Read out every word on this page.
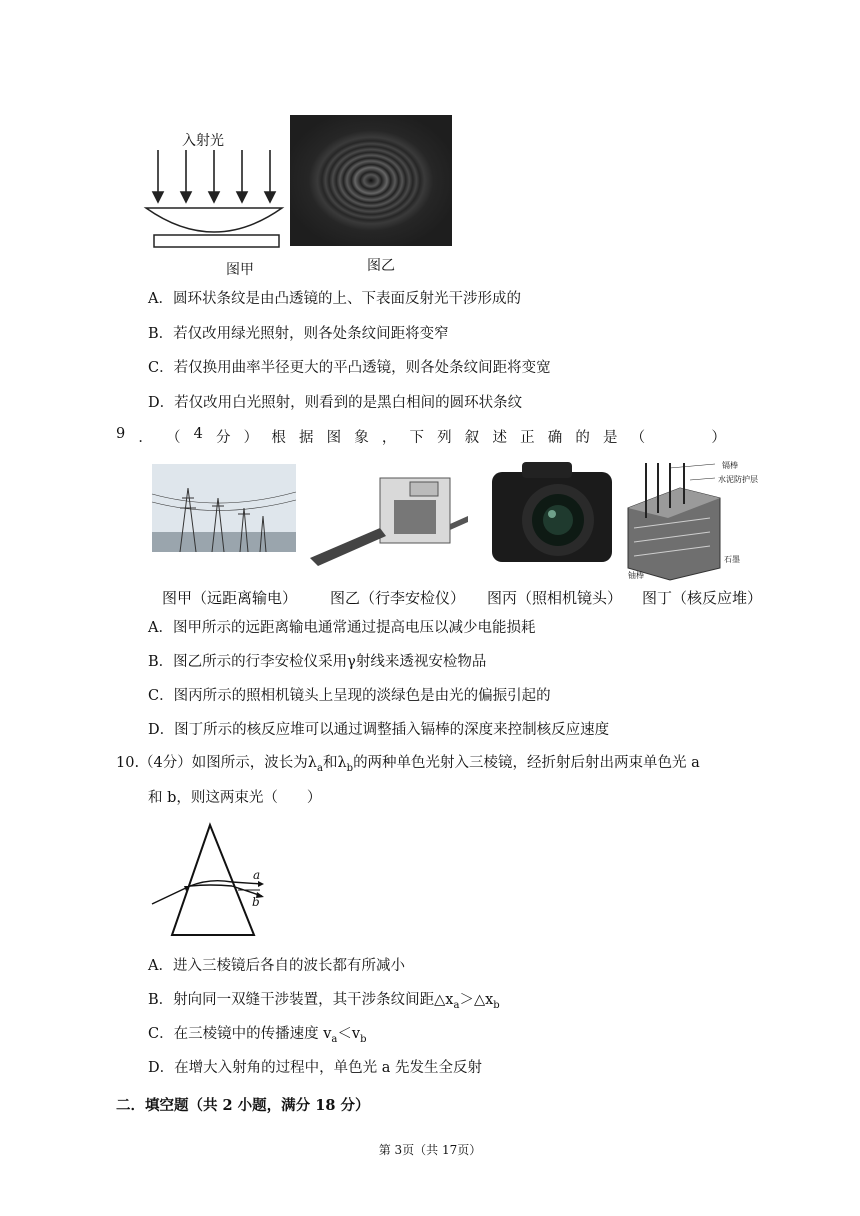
入射光
图甲	图乙
A．圆环状条纹是由凸透镜的上、下表面反射光干涉形成的
B．若仅改用绿光照射，则各处条纹间距将变窄
C．若仅换用曲率半径更大的平凸透镜，则各处条纹间距将变宽
D．若仅改用白光照射，则看到的是黑白相间的圆环状条纹
9 ． （ 4 分 ） 根 据 图 象 ， 下 列 叙 述 正 确 的 是 （	）
镉棒
水泥防护层
石墨
铀棒
图甲（远距离输电） 图乙（行李安检仪） 图丙（照相机镜头） 图丁（核反应堆）
A．图甲所示的远距离输电通常通过提高电压以减少电能损耗
B．图乙所示的行李安检仪采用γ射线来透视安检物品
C．图丙所示的照相机镜头上呈现的淡绿色是由光的偏振引起的
D．图丁所示的核反应堆可以通过调整插入镉棒的深度来控制核反应速度
10.（4分）如图所示，波长为$\lambda_a$和$\lambda_b$的两种单色光射入三棱镜，经折射后射出两束单色光 a
和 b，则这两束光（　　）
a
b
A．进入三棱镜后各自的波长都有所减小
B．射向同一双缝干涉装置，其干涉条纹间距$\triangle x_a>\triangle x_b$
C．在三棱镜中的传播速度 $v_a<v_b$
D．在增大入射角的过程中，单色光 a 先发生全反射
二．填空题（共 2 小题，满分 18 分）
第 3页（共 17页）
